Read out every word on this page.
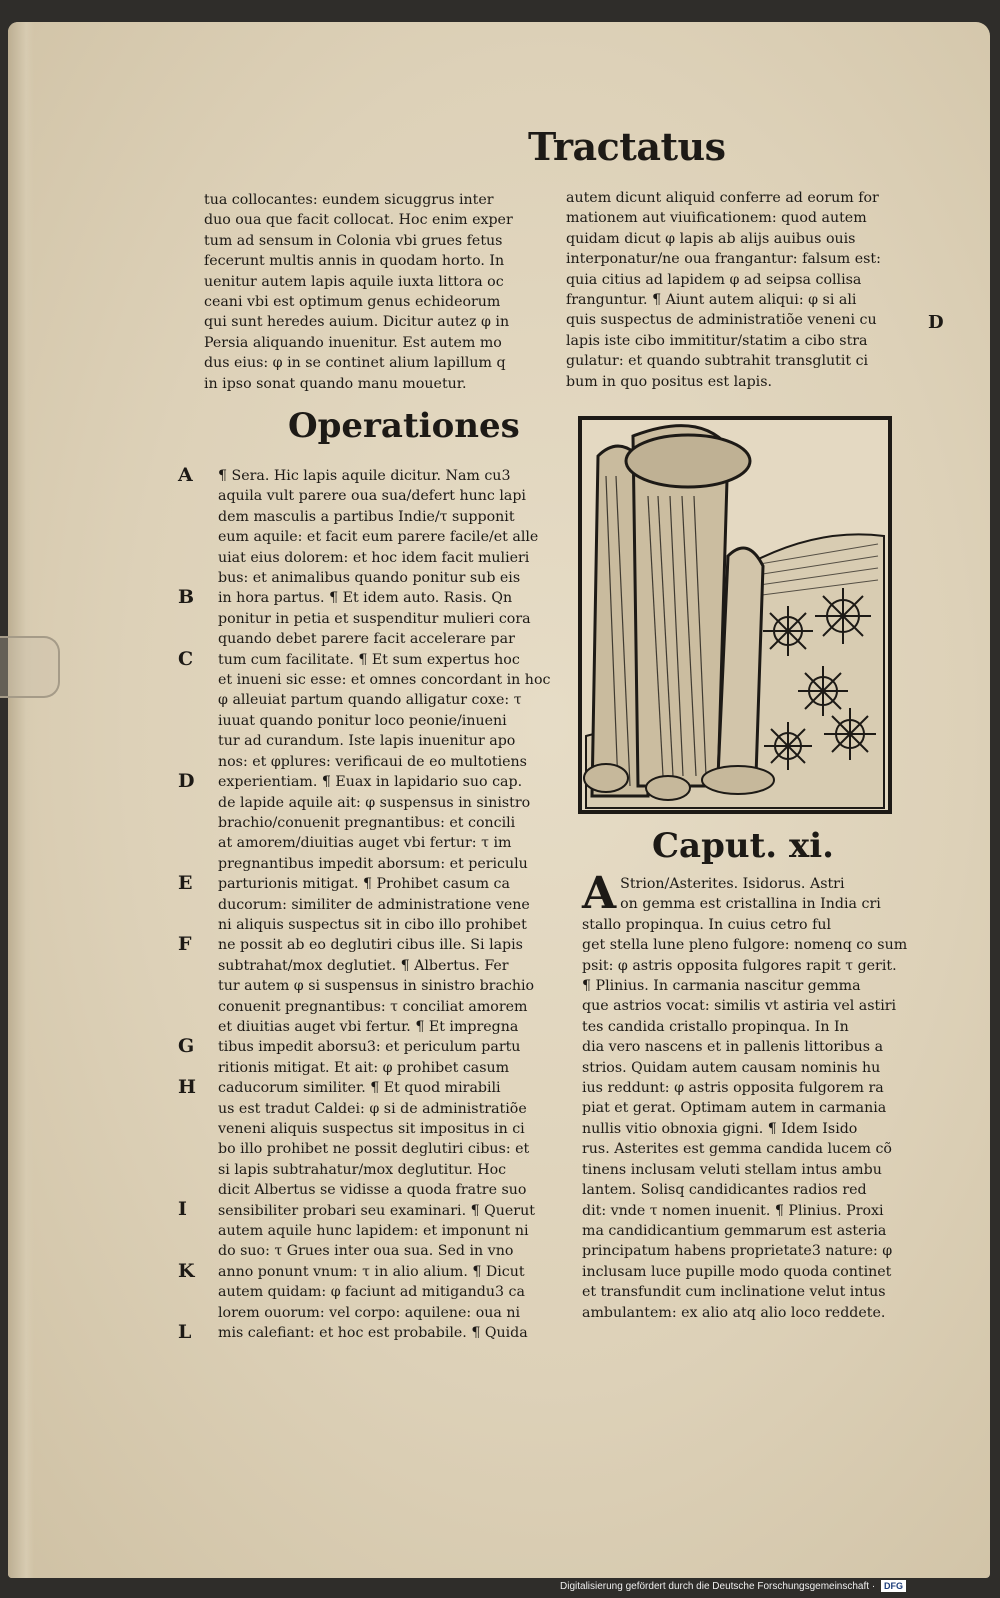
Tractatus
tua collocantes: eundem sicuggrus inter
duo oua que facit collocat. Hoc enim exper
tum ad sensum in Colonia vbi grues fetus
fecerunt multis annis in quodam horto. In
uenitur autem lapis aquile iuxta littora oc
ceani vbi est optimum genus echideorum
qui sunt heredes auium. Dicitur autez φ in
Persia aliquando inuenitur. Est autem mo
dus eius: φ in se continet alium lapillum q
in ipso sonat quando manu mouetur.
autem dicunt aliquid conferre ad eorum for
mationem aut viuificationem: quod autem
quidam dicut φ lapis ab alijs auibus ouis
interponatur/ne oua frangantur: falsum est:
quia citius ad lapidem φ ad seipsa collisa
franguntur. ¶ Aiunt autem aliqui: φ si ali
quis suspectus de administratiõe veneni cu
lapis iste cibo immititur/statim a cibo stra
gulatur: et quando subtrahit transglutit ci
bum in quo positus est lapis.
D
Operationes
¶ Sera. Hic lapis aquile dicitur. Nam cu3
aquila vult parere oua sua/defert hunc lapi
dem masculis a partibus Indie/τ supponit
eum aquile: et facit eum parere facile/et alle
uiat eius dolorem: et hoc idem facit mulieri
bus: et animalibus quando ponitur sub eis
in hora partus. ¶ Et idem auto. Rasis. Qn
ponitur in petia et suspenditur mulieri cora
quando debet parere facit accelerare par
tum cum facilitate. ¶ Et sum expertus hoc
et inueni sic esse: et omnes concordant in hoc
φ alleuiat partum quando alligatur coxe: τ
iuuat quando ponitur loco peonie/inueni
tur ad curandum. Iste lapis inuenitur apo
nos: et φplures: verificaui de eo multotiens
experientiam. ¶ Euax in lapidario suo cap.
de lapide aquile ait: φ suspensus in sinistro
brachio/conuenit pregnantibus: et concili
at amorem/diuitias auget vbi fertur: τ im
pregnantibus impedit aborsum: et periculu
parturionis mitigat. ¶ Prohibet casum ca
ducorum: similiter de administratione vene
ni aliquis suspectus sit in cibo illo prohibet
ne possit ab eo deglutiri cibus ille. Si lapis
subtrahat/mox deglutiet. ¶ Albertus. Fer
tur autem φ si suspensus in sinistro brachio
conuenit pregnantibus: τ conciliat amorem
et diuitias auget vbi fertur. ¶ Et impregna
tibus impedit aborsu3: et periculum partu
ritionis mitigat. Et ait: φ prohibet casum
caducorum similiter. ¶ Et quod mirabili
us est tradut Caldei: φ si de administratiõe
veneni aliquis suspectus sit impositus in ci
bo illo prohibet ne possit deglutiri cibus: et
si lapis subtrahatur/mox deglutitur. Hoc
dicit Albertus se vidisse a quoda fratre suo
sensibiliter probari seu examinari. ¶ Querut
autem aquile hunc lapidem: et imponunt ni
do suo: τ Grues inter oua sua. Sed in vno
anno ponunt vnum: τ in alio alium. ¶ Dicut
autem quidam: φ faciunt ad mitigandu3 ca
lorem ouorum: vel corpo: aquilene: oua ni
mis calefiant: et hoc est probabile. ¶ Quida
A
B
C
D
E
F
G
H
I
K
L
Caput. xi.
A Strion/Asterites. Isidorus. Astri
on gemma est cristallina in India cri
stallo propinqua. In cuius cetro ful
get stella lune pleno fulgore: nomenq co sum
psit: φ astris opposita fulgores rapit τ gerit.
¶ Plinius. In carmania nascitur gemma
que astrios vocat: similis vt astiria vel astiri
tes candida cristallo propinqua. In In
dia vero nascens et in pallenis littoribus a
strios. Quidam autem causam nominis hu
ius reddunt: φ astris opposita fulgorem ra
piat et gerat. Optimam autem in carmania
nullis vitio obnoxia gigni. ¶ Idem Isido
rus. Asterites est gemma candida lucem cõ
tinens inclusam veluti stellam intus ambu
lantem. Solisq candidicantes radios red
dit: vnde τ nomen inuenit. ¶ Plinius. Proxi
ma candidicantium gemmarum est asteria
principatum habens proprietate3 nature: φ
inclusam luce pupille modo quoda continet
et transfundit cum inclinatione velut intus
ambulantem: ex alio atq alio loco reddete.
Digitalisierung gefördert durch die Deutsche Forschungsgemeinschaft · DFG
